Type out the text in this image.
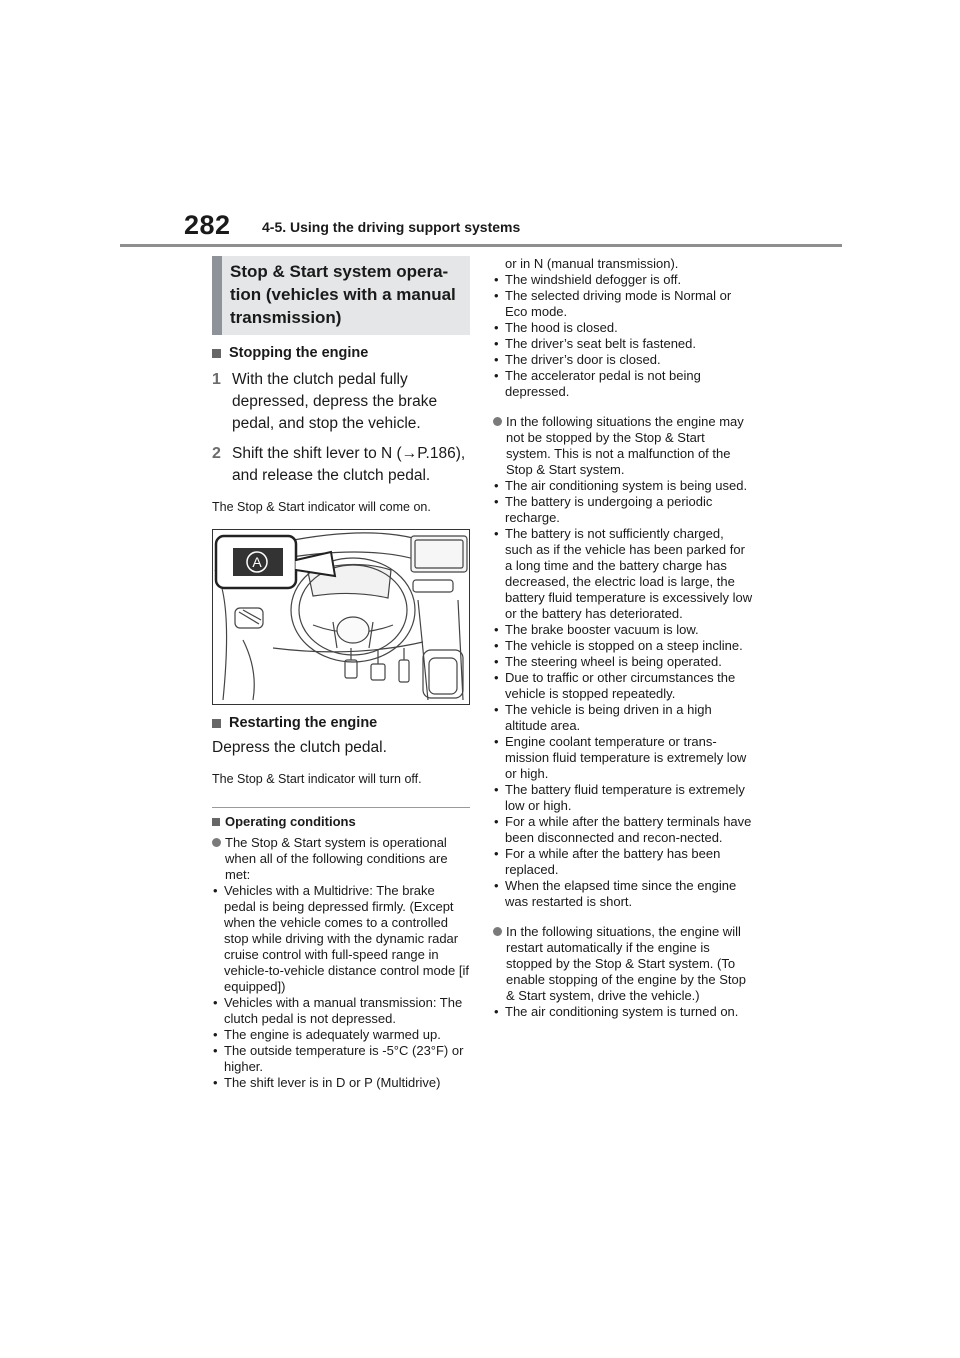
282 4-5. Using the driving support systems
Stop & Start system opera-tion (vehicles with a manual transmission)
Stopping the engine
1 With the clutch pedal fully depressed, depress the brake pedal, and stop the vehicle.
2 Shift the shift lever to N (→P.186), and release the clutch pedal.
The Stop & Start indicator will come on.
A
Restarting the engine
Depress the clutch pedal.
The Stop & Start indicator will turn off.
Operating conditions
The Stop & Start system is operational when all of the following conditions are met:
• Vehicles with a Multidrive: The brake pedal is being depressed firmly. (Except when the vehicle comes to a controlled stop while driving with the dynamic radar cruise control with full-speed range in vehicle-to-vehicle distance control mode [if equipped])
• Vehicles with a manual transmission: The clutch pedal is not depressed.
• The engine is adequately warmed up.
• The outside temperature is -5°C (23°F) or higher.
• The shift lever is in D or P (Multidrive)
or in N (manual transmission).
• The windshield defogger is off.
• The selected driving mode is Normal or Eco mode.
• The hood is closed.
• The driver’s seat belt is fastened.
• The driver’s door is closed.
• The accelerator pedal is not being depressed.
In the following situations the engine may not be stopped by the Stop & Start system. This is not a malfunction of the Stop & Start system.
• The air conditioning system is being used.
• The battery is undergoing a periodic recharge.
• The battery is not sufficiently charged, such as if the vehicle has been parked for a long time and the battery charge has decreased, the electric load is large, the battery fluid temperature is excessively low or the battery has deteriorated.
• The brake booster vacuum is low.
• The vehicle is stopped on a steep incline.
• The steering wheel is being operated.
• Due to traffic or other circumstances the vehicle is stopped repeatedly.
• The vehicle is being driven in a high altitude area.
• Engine coolant temperature or trans-mission fluid temperature is extremely low or high.
• The battery fluid temperature is extremely low or high.
• For a while after the battery terminals have been disconnected and recon-nected.
• For a while after the battery has been replaced.
• When the elapsed time since the engine was restarted is short.
In the following situations, the engine will restart automatically if the engine is stopped by the Stop & Start system. (To enable stopping of the engine by the Stop & Start system, drive the vehicle.)
• The air conditioning system is turned on.
